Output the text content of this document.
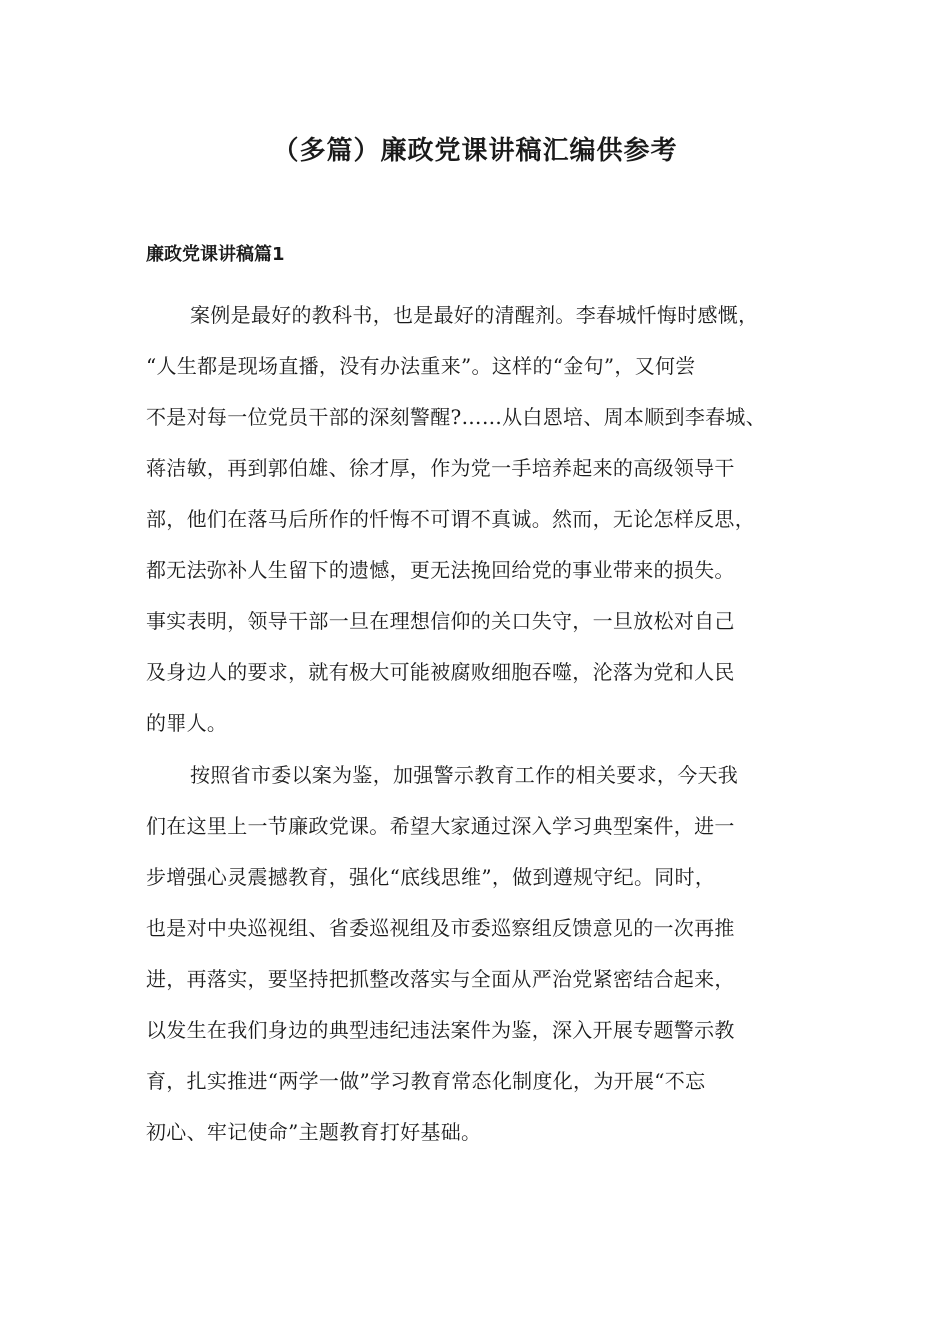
（多篇）廉政党课讲稿汇编供参考
廉政党课讲稿篇1
案例是最好的教科书，也是最好的清醒剂。李春城忏悔时感慨，
“人生都是现场直播，没有办法重来”。这样的“金句”，又何尝
不是对每一位党员干部的深刻警醒?……从白恩培、周本顺到李春城、
蒋洁敏，再到郭伯雄、徐才厚，作为党一手培养起来的高级领导干
部，他们在落马后所作的忏悔不可谓不真诚。然而，无论怎样反思，
都无法弥补人生留下的遗憾，更无法挽回给党的事业带来的损失。
事实表明，领导干部一旦在理想信仰的关口失守，一旦放松对自己
及身边人的要求，就有极大可能被腐败细胞吞噬，沦落为党和人民
的罪人。
按照省市委以案为鉴，加强警示教育工作的相关要求，今天我
们在这里上一节廉政党课。希望大家通过深入学习典型案件，进一
步增强心灵震撼教育，强化“底线思维”，做到遵规守纪。同时，
也是对中央巡视组、省委巡视组及市委巡察组反馈意见的一次再推
进，再落实，要坚持把抓整改落实与全面从严治党紧密结合起来，
以发生在我们身边的典型违纪违法案件为鉴，深入开展专题警示教
育，扎实推进“两学一做”学习教育常态化制度化，为开展“不忘
初心、牢记使命”主题教育打好基础。
